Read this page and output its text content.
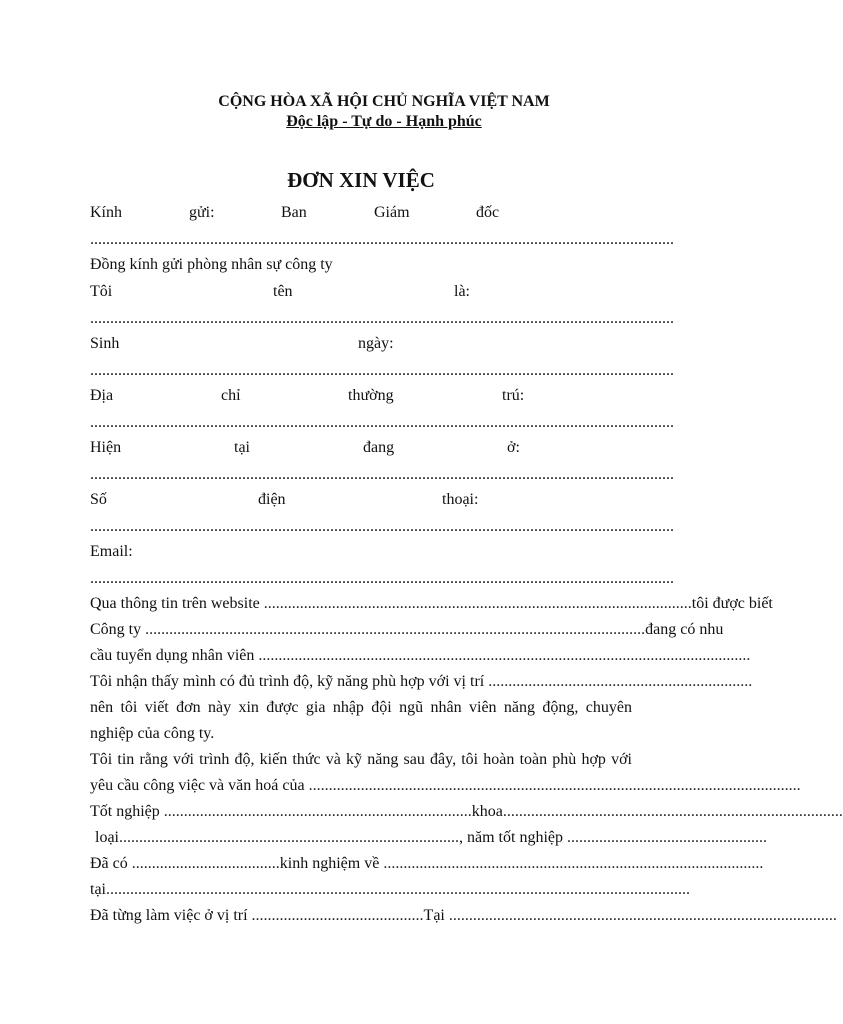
CỘNG HÒA XÃ HỘI CHỦ NGHĨA VIỆT NAM
Độc lập - Tự do - Hạnh phúc
ĐƠN XIN VIỆC
Kính	gửi:	Ban	Giám	đốc
..................................................................................................................................................
Đồng kính gửi phòng nhân sự công ty
Tôi	tên	là:
..................................................................................................................................................
Sinh	ngày:
..................................................................................................................................................
Địa	chỉ	thường	trú:
..................................................................................................................................................
Hiện	tại	đang	ở:
..................................................................................................................................................
Số	điện	thoại:
..................................................................................................................................................
Email:
..................................................................................................................................................
Qua thông tin trên website ........................................................................................................... tôi được biết
Công ty ............................................................................................................................. đang có nhu
cầu tuyển dụng nhân viên ...........................................................................................................................
Tôi nhận thấy mình có đủ trình độ, kỹ năng phù hợp với vị trí ..................................................................
nên tôi viết đơn này xin được gia nhập đội ngũ nhân viên năng động, chuyên
nghiệp của công ty.
Tôi tin rằng với trình độ, kiến thức và kỹ năng sau đây, tôi hoàn toàn phù hợp với
yêu cầu công việc và văn hoá của ...........................................................................................................................
Tốt nghiệp ............................................................................. khoa .....................................................................................
loại ..................................................................................... , năm tốt nghiệp ..................................................
Đã có ..................................... kinh nghiệm về ...............................................................................................
tại ..................................................................................................................................................
Đã từng làm việc ở vị trí ........................................... Tại .................................................................................................
